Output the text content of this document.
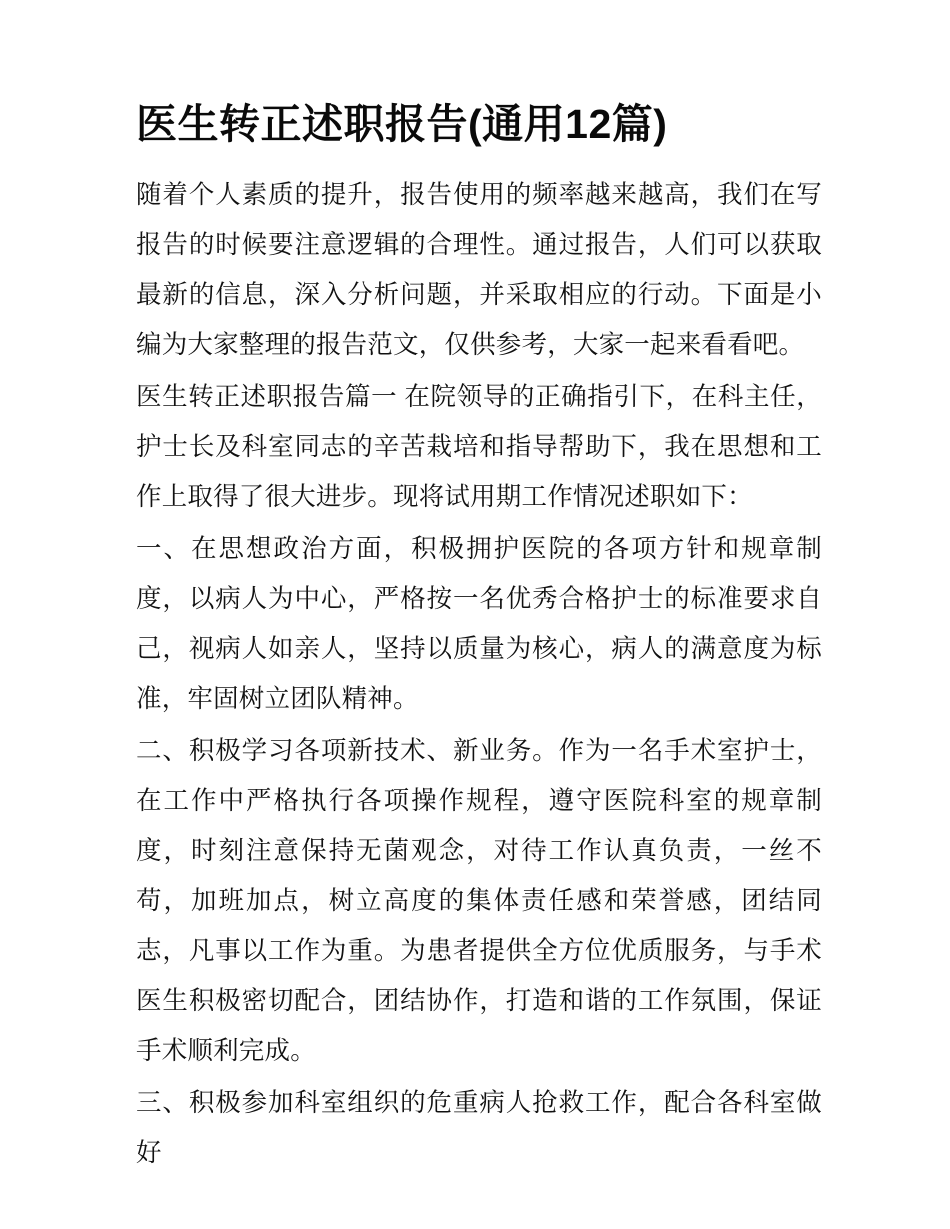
医生转正述职报告(通用12篇)

随着个人素质的提升，报告使用的频率越来越高，我们在写报告的时候要注意逻辑的合理性。通过报告，人们可以获取最新的信息，深入分析问题，并采取相应的行动。下面是小编为大家整理的报告范文，仅供参考，大家一起来看看吧。

医生转正述职报告篇一 在院领导的正确指引下，在科主任，护士长及科室同志的辛苦栽培和指导帮助下，我在思想和工作上取得了很大进步。现将试用期工作情况述职如下：

一、在思想政治方面，积极拥护医院的各项方针和规章制度，以病人为中心，严格按一名优秀合格护士的标准要求自己，视病人如亲人，坚持以质量为核心，病人的满意度为标准，牢固树立团队精神。

二、积极学习各项新技术、新业务。作为一名手术室护士，在工作中严格执行各项操作规程，遵守医院科室的规章制度，时刻注意保持无菌观念，对待工作认真负责，一丝不苟，加班加点，树立高度的集体责任感和荣誉感，团结同志，凡事以工作为重。为患者提供全方位优质服务，与手术医生积极密切配合，团结协作，打造和谐的工作氛围，保证手术顺利完成。

三、积极参加科室组织的危重病人抢救工作，配合各科室做好
